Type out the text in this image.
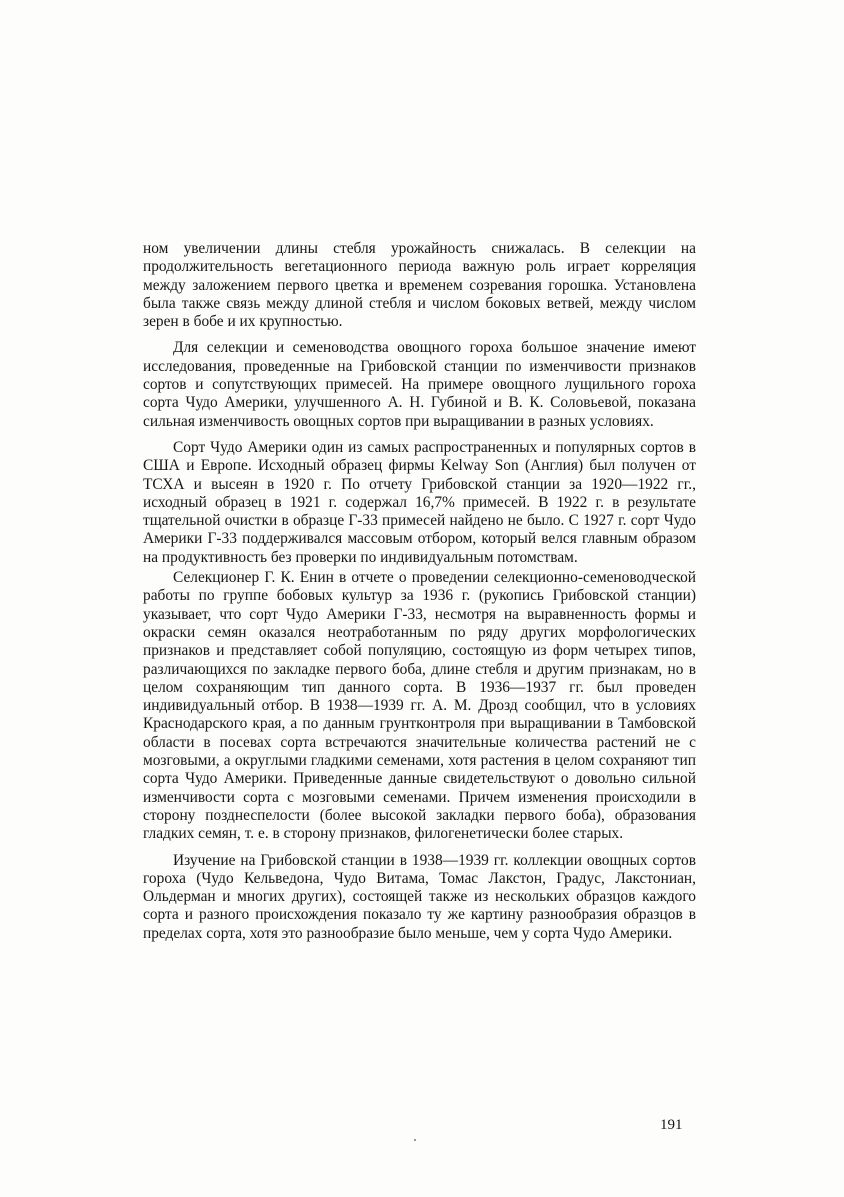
ном увеличении длины стебля урожайность снижалась. В селекции на продолжительность вегетационного периода важную роль играет корреляция между заложением первого цветка и временем созревания горошка. Установлена была также связь между длиной стебля и числом боковых ветвей, между числом зерен в бобе и их крупностью.

Для селекции и семеноводства овощного гороха большое значение имеют исследования, проведенные на Грибовской станции по изменчивости признаков сортов и сопутствующих примесей. На примере овощного лущильного гороха сорта Чудо Америки, улучшенного А. Н. Губиной и В. К. Соловьевой, показана сильная изменчивость овощных сортов при выращивании в разных условиях.

Сорт Чудо Америки один из самых распространенных и популярных сортов в США и Европе. Исходный образец фирмы Kelway Son (Англия) был получен от ТСХА и высеян в 1920 г. По отчету Грибовской станции за 1920—1922 гг., исходный образец в 1921 г. содержал 16,7% примесей. В 1922 г. в результате тщательной очистки в образце Г-33 примесей найдено не было. С 1927 г. сорт Чудо Америки Г-33 поддерживался массовым отбором, который велся главным образом на продуктивность без проверки по индивидуальным потомствам.

Селекционер Г. К. Енин в отчете о проведении селекционно-семеноводческой работы по группе бобовых культур за 1936 г. (рукопись Грибовской станции) указывает, что сорт Чудо Америки Г-33, несмотря на выравненность формы и окраски семян оказался неотработанным по ряду других морфологических признаков и представляет собой популяцию, состоящую из форм четырех типов, различающихся по закладке первого боба, длине стебля и другим признакам, но в целом сохраняющим тип данного сорта. В 1936—1937 гг. был проведен индивидуальный отбор. В 1938—1939 гг. А. М. Дрозд сообщил, что в условиях Краснодарского края, а по данным грунтконтроля при выращивании в Тамбовской области в посевах сорта встречаются значительные количества растений не с мозговыми, а округлыми гладкими семенами, хотя растения в целом сохраняют тип сорта Чудо Америки. Приведенные данные свидетельствуют о довольно сильной изменчивости сорта с мозговыми семенами. Причем изменения происходили в сторону позднеспелости (более высокой закладки первого боба), образования гладких семян, т. е. в сторону признаков, филогенетически более старых.

Изучение на Грибовской станции в 1938—1939 гг. коллекции овощных сортов гороха (Чудо Кельведона, Чудо Витама, Томас Лакстон, Градус, Лакстониан, Ольдерман и многих других), состоящей также из нескольких образцов каждого сорта и разного происхождения показало ту же картину разнообразия образцов в пределах сорта, хотя это разнообразие было меньше, чем у сорта Чудо Америки.

191
